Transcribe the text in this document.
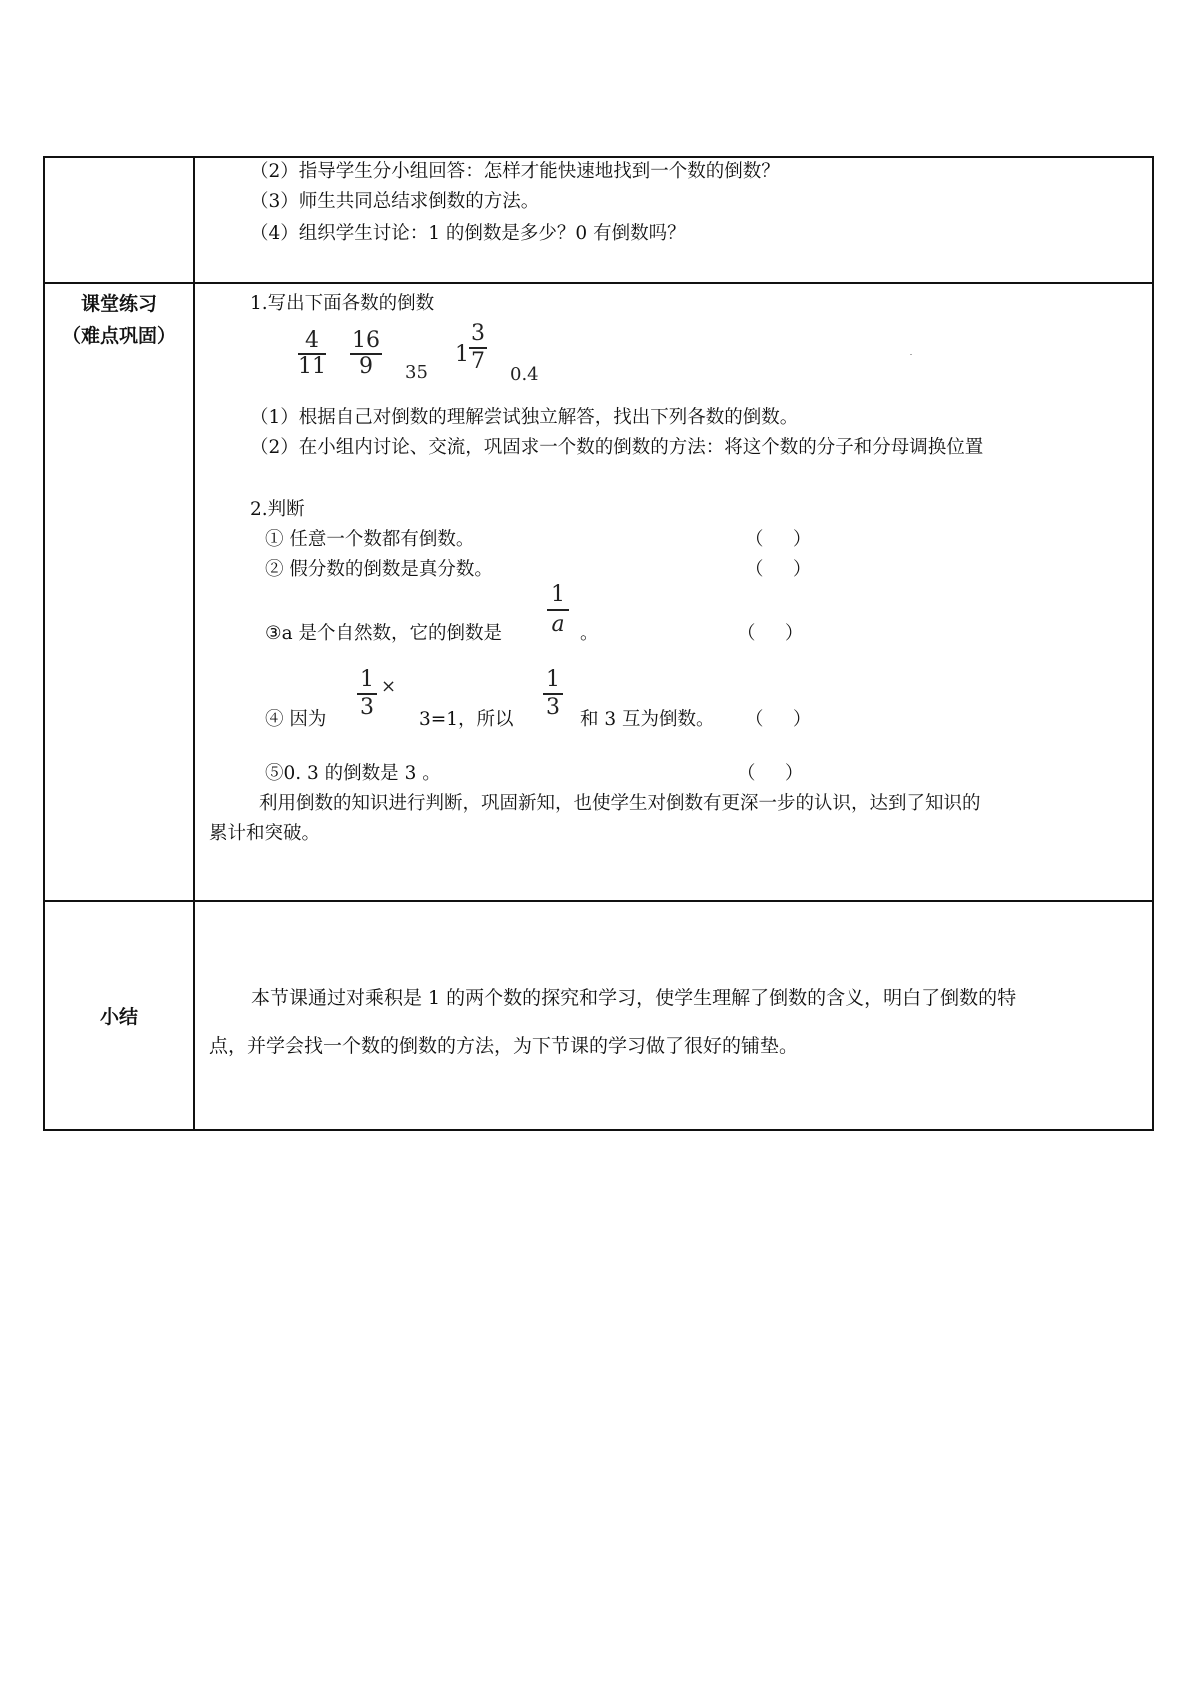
（2）指导学生分小组回答：怎样才能快速地找到一个数的倒数？
（3）师生共同总结求倒数的方法。
（4）组织学生讨论：1 的倒数是多少？0 有倒数吗？
课堂练习
（难点巩固）
1.写出下面各数的倒数
4
11
16
9	35
1
3
7
0.4
（1）根据自己对倒数的理解尝试独立解答，找出下列各数的倒数。
（2）在小组内讨论、交流，巩固求一个数的倒数的方法：将这个数的分子和分母调换位置
2.判断
① 任意一个数都有倒数。	（     ）
② 假分数的倒数是真分数。	（     ）
③a 是个自然数，它的倒数是
1
a 。	（     ）
④ 因为
1
3
×
3=1，所以
1
3 和 3 互为倒数。 （     ）
⑤0. 3 的倒数是 3 。	（     ）
利用倒数的知识进行判断，巩固新知，也使学生对倒数有更深一步的认识，达到了知识的
累计和突破。
小结
本节课通过对乘积是 1 的两个数的探究和学习，使学生理解了倒数的含义，明白了倒数的特
点，并学会找一个数的倒数的方法，为下节课的学习做了很好的铺垫。
